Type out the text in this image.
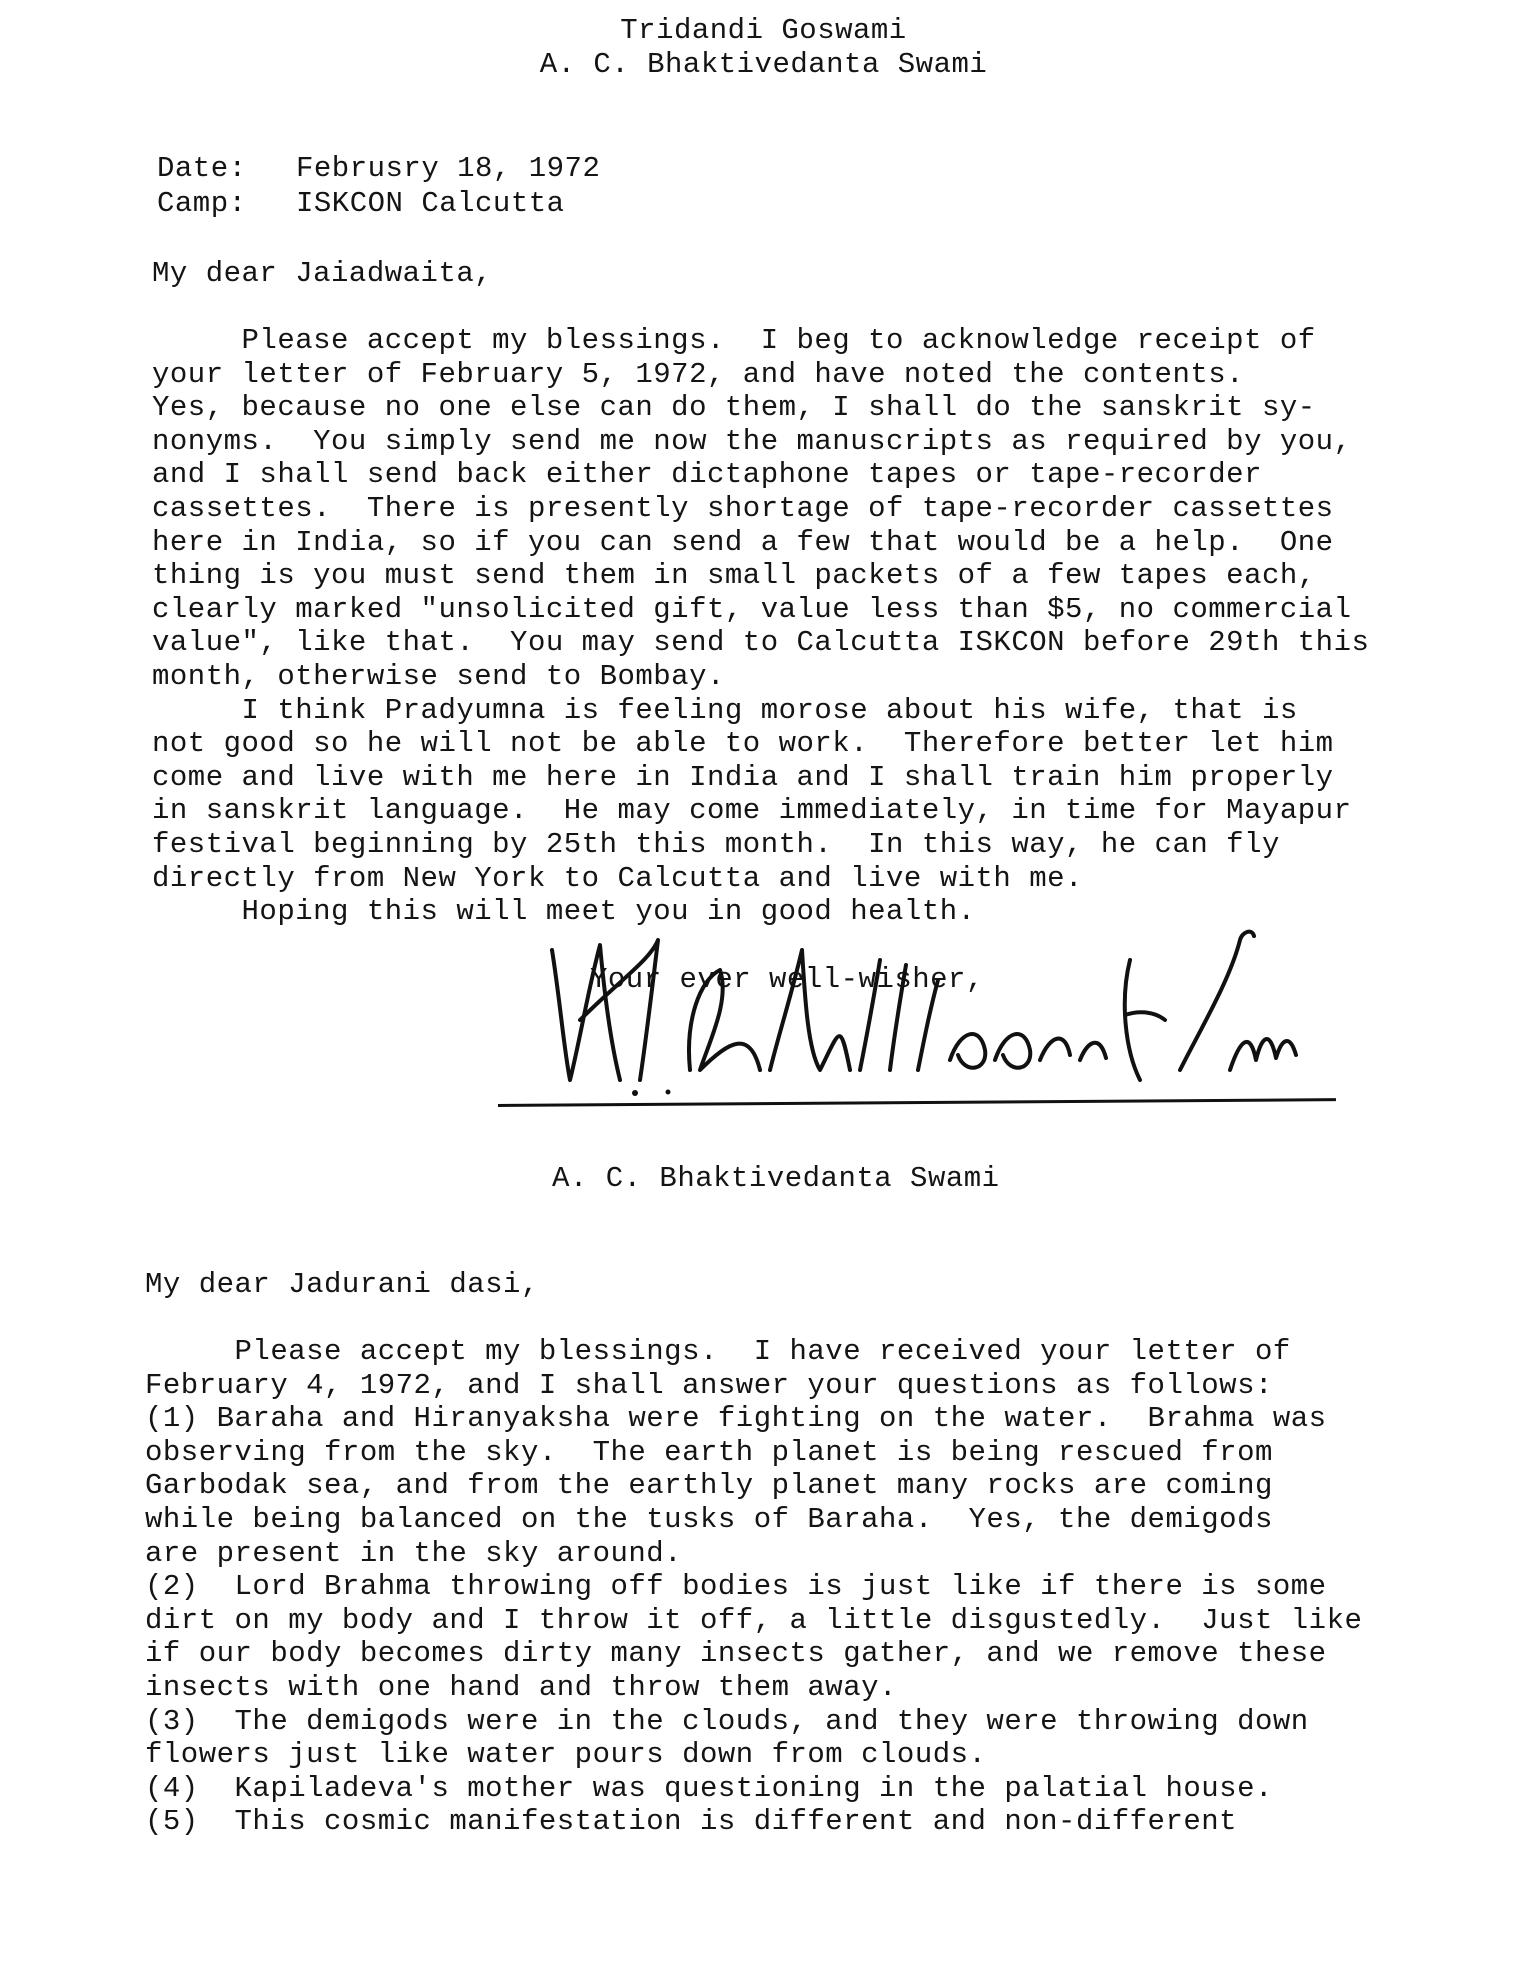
Tridandi Goswami
A. C. Bhaktivedanta Swami
Date: Februsry 18, 1972
Camp: ISKCON Calcutta
My dear Jaiadwaita,
Please accept my blessings.  I beg to acknowledge receipt of
your letter of February 5, 1972, and have noted the contents.
Yes, because no one else can do them, I shall do the sanskrit sy-
nonyms.  You simply send me now the manuscripts as required by you,
and I shall send back either dictaphone tapes or tape-recorder
cassettes.  There is presently shortage of tape-recorder cassettes
here in India, so if you can send a few that would be a help.  One
thing is you must send them in small packets of a few tapes each,
clearly marked "unsolicited gift, value less than $5, no commercial
value", like that.  You may send to Calcutta ISKCON before 29th this
month, otherwise send to Bombay.
I think Pradyumna is feeling morose about his wife, that is
not good so he will not be able to work.  Therefore better let him
come and live with me here in India and I shall train him properly
in sanskrit language.  He may come immediately, in time for Mayapur
festival beginning by 25th this month.  In this way, he can fly
directly from New York to Calcutta and live with me.
Hoping this will meet you in good health.
Your ever well-wisher,
A. C. Bhaktivedanta Swami
My dear Jadurani dasi,
Please accept my blessings.  I have received your letter of
February 4, 1972, and I shall answer your questions as follows:
(1) Baraha and Hiranyaksha were fighting on the water.  Brahma was
observing from the sky.  The earth planet is being rescued from
Garbodak sea, and from the earthly planet many rocks are coming
while being balanced on the tusks of Baraha.  Yes, the demigods
are present in the sky around.
(2)  Lord Brahma throwing off bodies is just like if there is some
dirt on my body and I throw it off, a little disgustedly.  Just like
if our body becomes dirty many insects gather, and we remove these
insects with one hand and throw them away.
(3)  The demigods were in the clouds, and they were throwing down
flowers just like water pours down from clouds.
(4)  Kapiladeva's mother was questioning in the palatial house.
(5)  This cosmic manifestation is different and non-different
